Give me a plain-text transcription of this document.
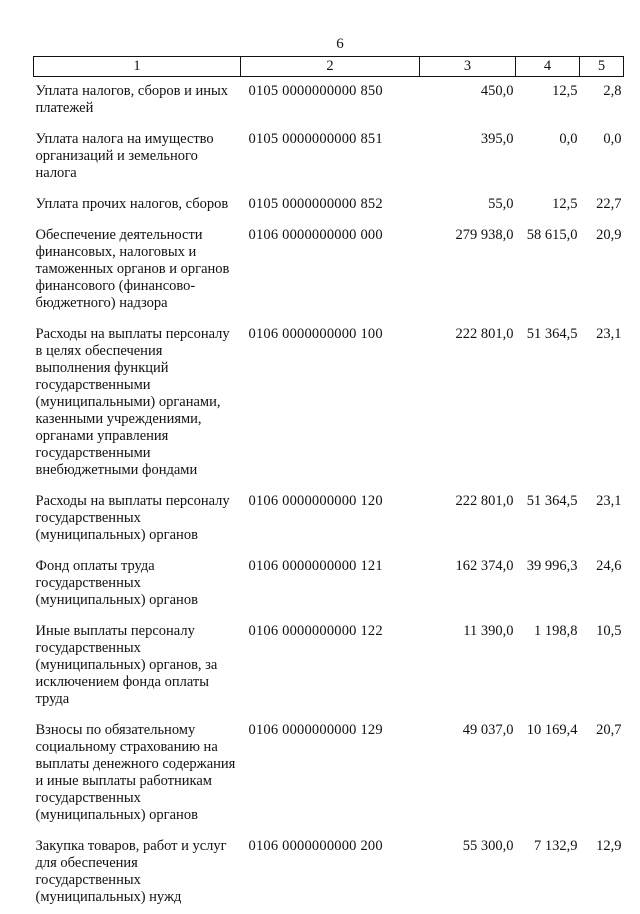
6
1	2	3	4	5
Уплата налогов, сборов и иных платежей	0105 0000000000 850	450,0	12,5	2,8
Уплата налога на имущество организаций и земельного налога	0105 0000000000 851	395,0	0,0	0,0
Уплата прочих налогов, сборов	0105 0000000000 852	55,0	12,5	22,7
Обеспечение деятельности финансовых, налоговых и таможенных органов и органов финансового (финансово-бюджетного) надзора	0106 0000000000 000	279 938,0	58 615,0	20,9
Расходы на выплаты персоналу в целях обеспечения выполнения функций государственными (муниципальными) органами, казенными учреждениями, органами управления государственными внебюджетными фондами	0106 0000000000 100	222 801,0	51 364,5	23,1
Расходы на выплаты персоналу государственных (муниципальных) органов	0106 0000000000 120	222 801,0	51 364,5	23,1
Фонд оплаты труда государственных (муниципальных) органов	0106 0000000000 121	162 374,0	39 996,3	24,6
Иные выплаты персоналу государственных (муниципальных) органов, за исключением фонда оплаты труда	0106 0000000000 122	11 390,0	1 198,8	10,5
Взносы по обязательному социальному страхованию на выплаты денежного содержания и иные выплаты работникам государственных (муниципальных) органов	0106 0000000000 129	49 037,0	10 169,4	20,7
Закупка товаров, работ и услуг для обеспечения государственных (муниципальных) нужд	0106 0000000000 200	55 300,0	7 132,9	12,9
